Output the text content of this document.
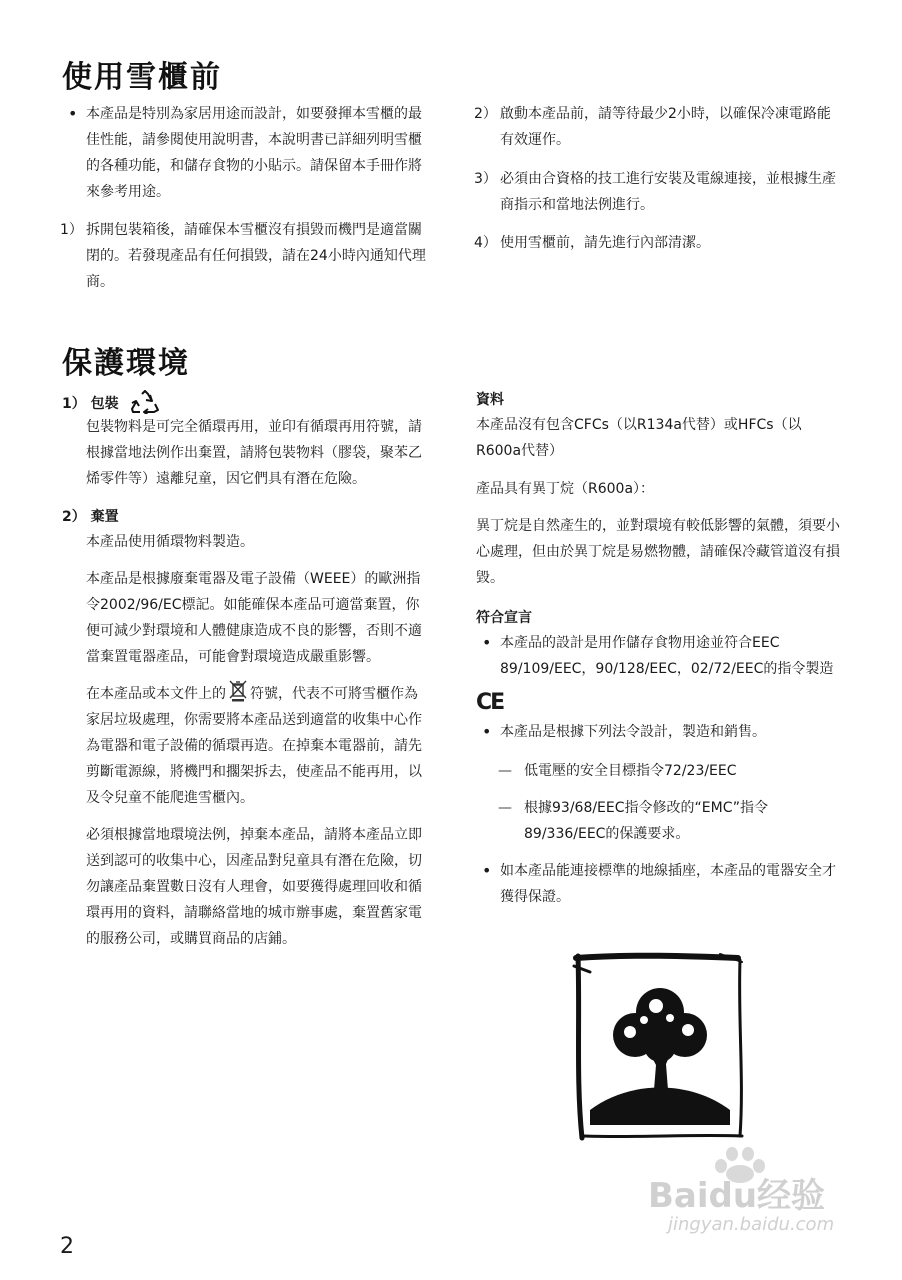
使用雪櫃前

• 本產品是特別為家居用途而設計，如要發揮本雪櫃的最佳性能，請參閱使用說明書，本說明書已詳細列明雪櫃的各種功能，和儲存食物的小貼示。請保留本手冊作將來參考用途。

1） 拆開包裝箱後，請確保本雪櫃沒有損毀而機門是適當關閉的。若發現產品有任何損毀，請在24小時內通知代理商。

2） 啟動本產品前，請等待最少2小時，以確保冷凍電路能有效運作。

3） 必須由合資格的技工進行安裝及電線連接，並根據生產商指示和當地法例進行。

4） 使用雪櫃前，請先進行內部清潔。

保護環境
1） 包裝
包裝物料是可完全循環再用，並印有循環再用符號，請根據當地法例作出棄置，請將包裝物料（膠袋，聚苯乙烯零件等）遠離兒童，因它們具有潛在危險。
2） 棄置
本產品使用循環物料製造。
本產品是根據廢棄電器及電子設備（WEEE）的歐洲指令2002/96/EC標記。如能確保本產品可適當棄置，你便可減少對環境和人體健康造成不良的影響，否則不適當棄置電器產品，可能會對環境造成嚴重影響。
在本產品或本文件上的 符號，代表不可將雪櫃作為家居垃圾處理，你需要將本產品送到適當的收集中心作為電器和電子設備的循環再造。在掉棄本電器前，請先剪斷電源線，將機門和擱架拆去，使產品不能再用，以及令兒童不能爬進雪櫃內。
必須根據當地環境法例，掉棄本產品，請將本產品立即送到認可的收集中心，因產品對兒童具有潛在危險，切勿讓產品棄置數日沒有人理會，如要獲得處理回收和循環再用的資料，請聯絡當地的城市辦事處，棄置舊家電的服務公司，或購買商品的店鋪。
資料
本產品沒有包含CFCs（以R134a代替）或HFCs（以R600a代替）
產品具有異丁烷（R600a）：
異丁烷是自然產生的，並對環境有較低影響的氣體，須要小心處理，但由於異丁烷是易燃物體，請確保冷藏管道沒有損毀。
符合宣言

• 本產品的設計是用作儲存食物用途並符合EEC 89/109/EEC，90/128/EEC，02/72/EEC的指令製造

CE

• 本產品是根據下列法令設計，製造和銷售。

— 低電壓的安全目標指令72/23/EEC

— 根據93/68/EEC指令修改的“EMC”指令89/336/EEC的保護要求。

• 如本產品能連接標準的地線插座，本產品的電器安全才獲得保證。

2
Baidu经验
jingyan.baidu.com
